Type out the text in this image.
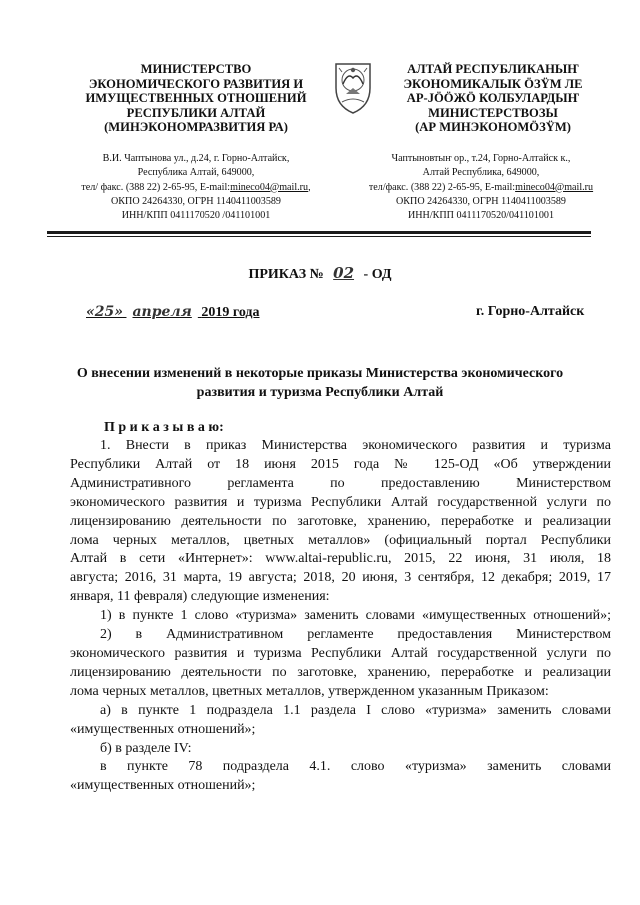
МИНИСТЕРСТВО
ЭКОНОМИЧЕСКОГО РАЗВИТИЯ И
ИМУЩЕСТВЕННЫХ ОТНОШЕНИЙ
РЕСПУБЛИКИ АЛТАЙ
(МИНЭКОНОМРАЗВИТИЯ РА)
АЛТАЙ РЕСПУБЛИКАНЫҤ
ЭКОНОМИКАЛЫК ÖЗŸМ ЛЕ
АР-JÖÖЖÖ КОЛБУЛАРДЫҤ
МИНИСТЕРСТВОЗЫ
(АР МИНЭКОНОМÖЗŸМ)
В.И. Чаптынова ул., д.24, г. Горно-Алтайск,
Республика Алтай, 649000,
тел/ факс. (388 22) 2-65-95, E-mail:mineco04@mail.ru,
ОКПО 24264330, ОГРН 1140411003589
ИНН/КПП 0411170520 /041101001
Чаптыновтыҥ ор., т.24, Горно-Алтайск к.,
Алтай Республика, 649000,
тел/факс. (388 22) 2-65-95, E-mail:mineco04@mail.ru
ОКПО 24264330, ОГРН 1140411003589
ИНН/КПП 0411170520/041101001
ПРИКАЗ № 02 - ОД
«25» апреля 2019 года	г. Горно-Алтайск
О внесении изменений в некоторые приказы Министерства экономического
развития и туризма Республики Алтай
П р и к а з ы в а ю:
1. Внести в приказ Министерства экономического развития и туризма
Республики Алтай от 18 июня 2015 года № 125-ОД «Об утверждении
Административного регламента по предоставлению Министерством
экономического развития и туризма Республики Алтай государственной услуги по
лицензированию деятельности по заготовке, хранению, переработке и реализации
лома черных металлов, цветных металлов» (официальный портал Республики
Алтай в сети «Интернет»: www.altai-republic.ru, 2015, 22 июня, 31 июля, 18
августа; 2016, 31 марта, 19 августа; 2018, 20 июня, 3 сентября, 12 декабря; 2019, 17
января, 11 февраля) следующие изменения:
1) в пункте 1 слово «туризма» заменить словами «имущественных отношений»;
2) в Административном регламенте предоставления Министерством
экономического развития и туризма Республики Алтай государственной услуги по
лицензированию деятельности по заготовке, хранению, переработке и реализации
лома черных металлов, цветных металлов, утвержденном указанным Приказом:
а) в пункте 1 подраздела 1.1 раздела I слово «туризма» заменить словами
«имущественных отношений»;
б) в разделе IV:
в пункте 78 подраздела 4.1. слово «туризма» заменить словами
«имущественных отношений»;
